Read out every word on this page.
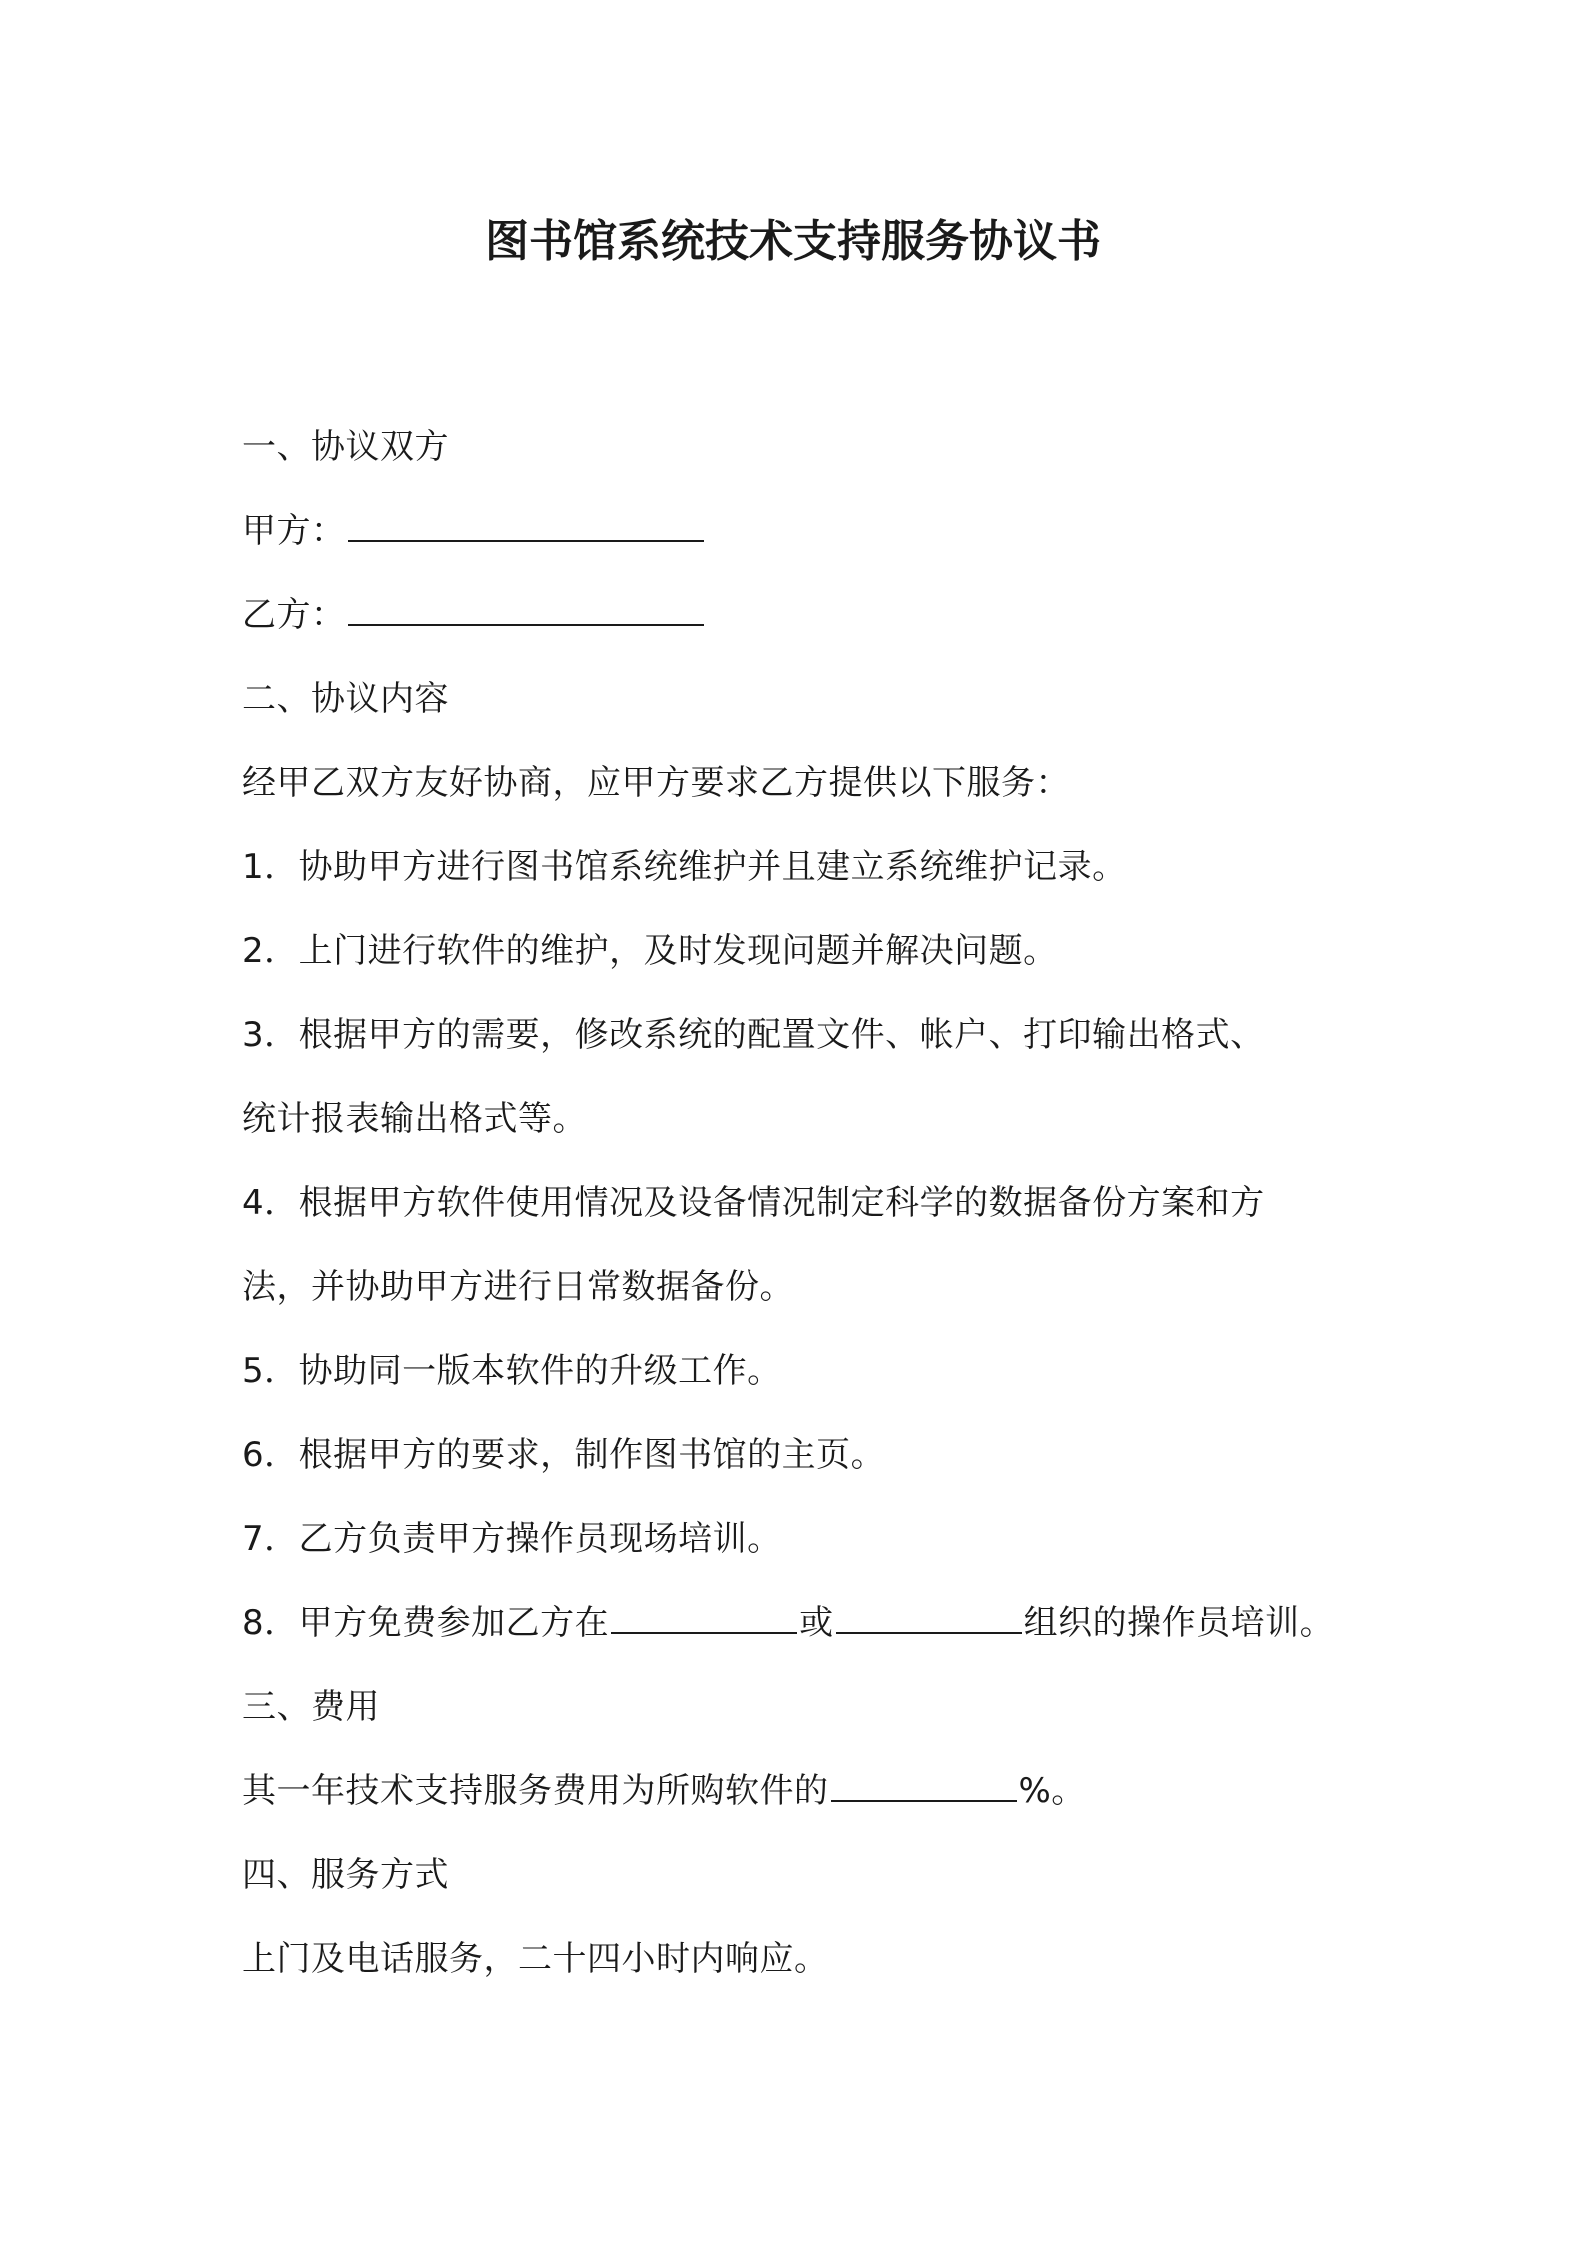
图书馆系统技术支持服务协议书
一、协议双方
甲方：
乙方：
二、协议内容
经甲乙双方友好协商，应甲方要求乙方提供以下服务：
1．协助甲方进行图书馆系统维护并且建立系统维护记录。
2．上门进行软件的维护，及时发现问题并解决问题。
3．根据甲方的需要，修改系统的配置文件、帐户、打印输出格式、
统计报表输出格式等。
4．根据甲方软件使用情况及设备情况制定科学的数据备份方案和方
法，并协助甲方进行日常数据备份。
5．协助同一版本软件的升级工作。
6．根据甲方的要求，制作图书馆的主页。
7．乙方负责甲方操作员现场培训。
8．甲方免费参加乙方在	或	组织的操作员培训。
三、费用
其一年技术支持服务费用为所购软件的	%。
四、服务方式
上门及电话服务，二十四小时内响应。
